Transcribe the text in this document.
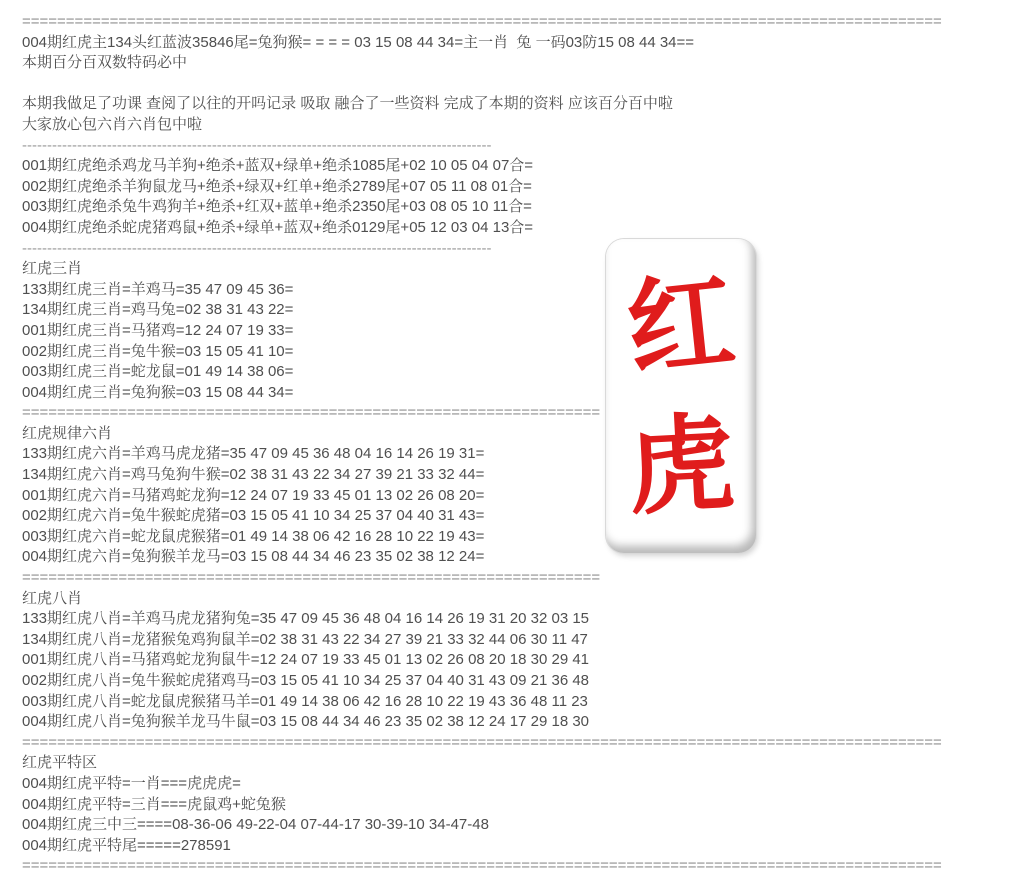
=========================================================================================================
004期红虎主134头红蓝波35846尾=兔狗猴= = = = 03 15 08 44 34=主一肖  兔 一码03防15 08 44 34==
本期百分百双数特码必中
本期我做足了功课 查阅了以往的开吗记录 吸取 融合了一些资料 完成了本期的资料 应该百分百中啦
大家放心包六肖六肖包中啦
----------------------------------------------------------------------------------------------
001期红虎绝杀鸡龙马羊狗+绝杀+蓝双+绿单+绝杀1085尾+02 10 05 04 07合=
002期红虎绝杀羊狗鼠龙马+绝杀+绿双+红单+绝杀2789尾+07 05 11 08 01合=
003期红虎绝杀兔牛鸡狗羊+绝杀+红双+蓝单+绝杀2350尾+03 08 05 10 11合=
004期红虎绝杀蛇虎猪鸡鼠+绝杀+绿单+蓝双+绝杀0129尾+05 12 03 04 13合=
----------------------------------------------------------------------------------------------
红虎三肖
133期红虎三肖=羊鸡马=35 47 09 45 36=
134期红虎三肖=鸡马兔=02 38 31 43 22=
001期红虎三肖=马猪鸡=12 24 07 19 33=
002期红虎三肖=兔牛猴=03 15 05 41 10=
003期红虎三肖=蛇龙鼠=01 49 14 38 06=
004期红虎三肖=兔狗猴=03 15 08 44 34=
==================================================================
红虎规律六肖
133期红虎六肖=羊鸡马虎龙猪=35 47 09 45 36 48 04 16 14 26 19 31=
134期红虎六肖=鸡马兔狗牛猴=02 38 31 43 22 34 27 39 21 33 32 44=
001期红虎六肖=马猪鸡蛇龙狗=12 24 07 19 33 45 01 13 02 26 08 20=
002期红虎六肖=兔牛猴蛇虎猪=03 15 05 41 10 34 25 37 04 40 31 43=
003期红虎六肖=蛇龙鼠虎猴猪=01 49 14 38 06 42 16 28 10 22 19 43=
004期红虎六肖=兔狗猴羊龙马=03 15 08 44 34 46 23 35 02 38 12 24=
==================================================================
红虎八肖
133期红虎八肖=羊鸡马虎龙猪狗兔=35 47 09 45 36 48 04 16 14 26 19 31 20 32 03 15
134期红虎八肖=龙猪猴兔鸡狗鼠羊=02 38 31 43 22 34 27 39 21 33 32 44 06 30 11 47
001期红虎八肖=马猪鸡蛇龙狗鼠牛=12 24 07 19 33 45 01 13 02 26 08 20 18 30 29 41
002期红虎八肖=兔牛猴蛇虎猪鸡马=03 15 05 41 10 34 25 37 04 40 31 43 09 21 36 48
003期红虎八肖=蛇龙鼠虎猴猪马羊=01 49 14 38 06 42 16 28 10 22 19 43 36 48 11 23
004期红虎八肖=兔狗猴羊龙马牛鼠=03 15 08 44 34 46 23 35 02 38 12 24 17 29 18 30
=========================================================================================================
红虎平特区
004期红虎平特=一肖===虎虎虎=
004期红虎平特=三肖===虎鼠鸡+蛇兔猴
004期红虎三中三====08-36-06 49-22-04 07-44-17 30-39-10 34-47-48
004期红虎平特尾=====278591
=========================================================================================================
红
虎
